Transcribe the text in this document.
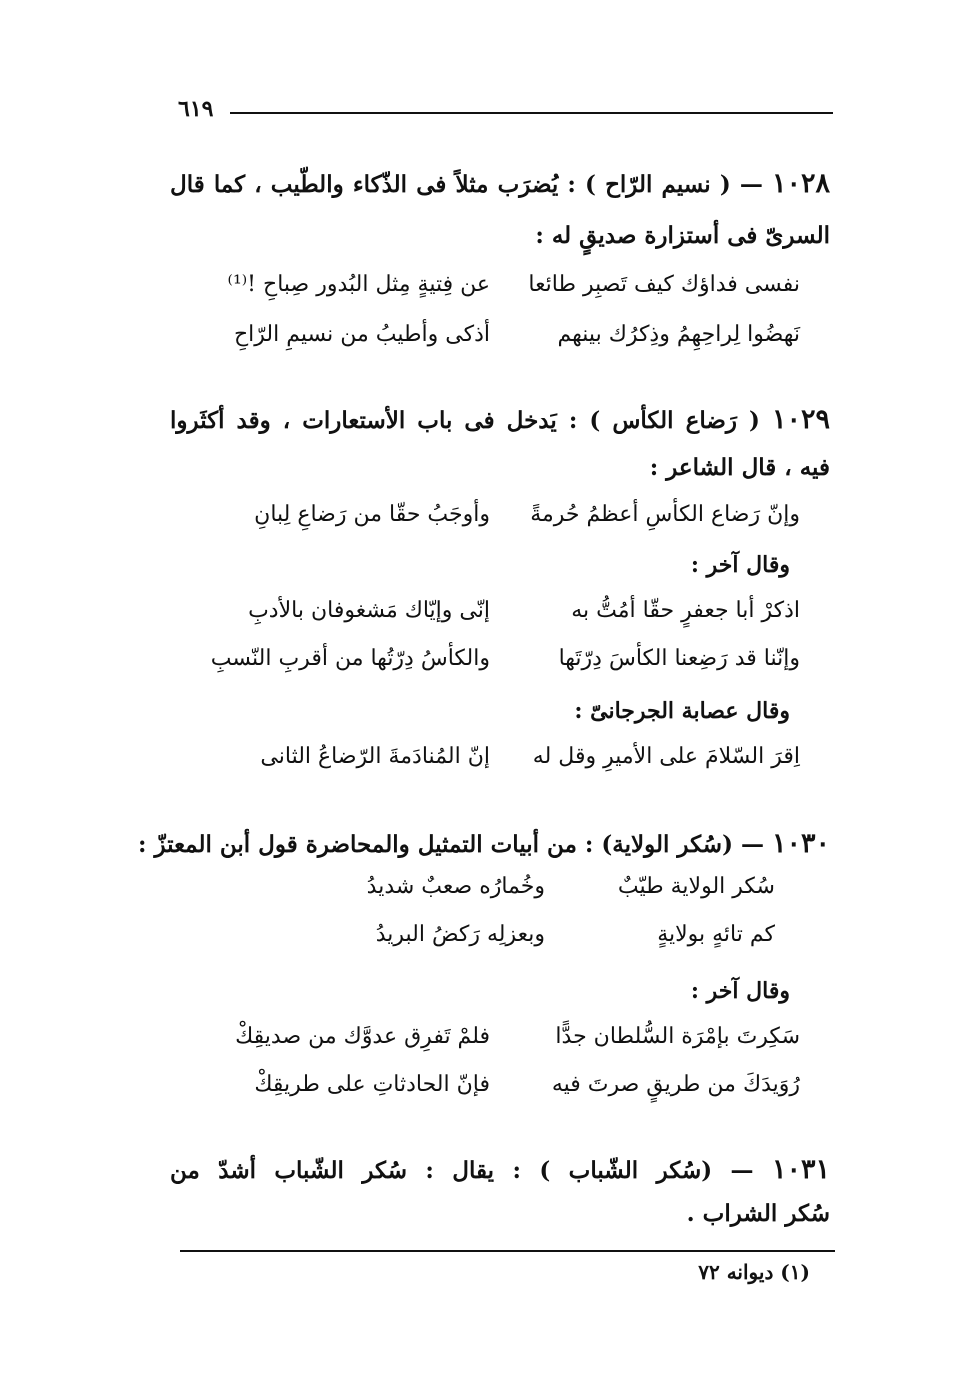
٦١٩
١٠٢٨ — ( نسيم الرّاح ) : يُضرَب مثلاً فى الذّكاء والطّيب ، كما قال
السرىّ فى أستزارة صديقٍ له :
نفسى فداؤك كيف تَصبِر طائعا
عن فِتيةٍ مِثل البُدور صِباحِ !⁽¹⁾
نَهضُوا لِراحِهِمُ وذِكرُك بينهم
أذكى وأطيبُ من نسيمِ الرّاحِ
١٠٢٩ ( رَضاع الكأس ) : يَدخل فى باب الأستعارات ، وقد أكثَروا
فيه ، قال الشاعر :
وإنّ رَضاع الكأسِ أعظمُ حُرمةً
وأوجَبُ حقّا من رَضاعِ لِبانِ
وقال آخر :
اذكرْ أبا جعفرٍ حقّا أمُتُّ به
إنّى وإيّاك مَشغوفان بالأدبِ
وإنّنا قد رَضِعنا الكأسَ دِرّتَها
والكأسُ دِرّتُها من أقربِ النّسبِ
وقال عصابة الجرجانىّ :
اِقرَ السّلامَ على الأميرِ وقل له
إنّ المُنادَمةَ الرّضاعُ الثانى
١٠٣٠ — (سُكر الولاية) : من أبيات التمثيل والمحاضرة قول أبن المعتزّ :
سُكر الولاية طيّبٌ
وخُمارُه صعبٌ شديدُ
كم تائهٍ بولايةٍ
وبعزلِه رَكضُ البريدُ
وقال آخر :
سَكِرتَ بإمْرَة السُّلطان جدًّا
فلمْ تَفرِق عدوَّك من صديقِكْ
رُوَيدَكَ من طريقٍ صرتَ فيه
فإنّ الحادثاتِ على طريقِكْ
١٠٣١ — (سُكر الشّباب ) : يقال : سُكر الشّباب أشدّ من
سُكر الشراب .
(١) ديوانه ٧٢
